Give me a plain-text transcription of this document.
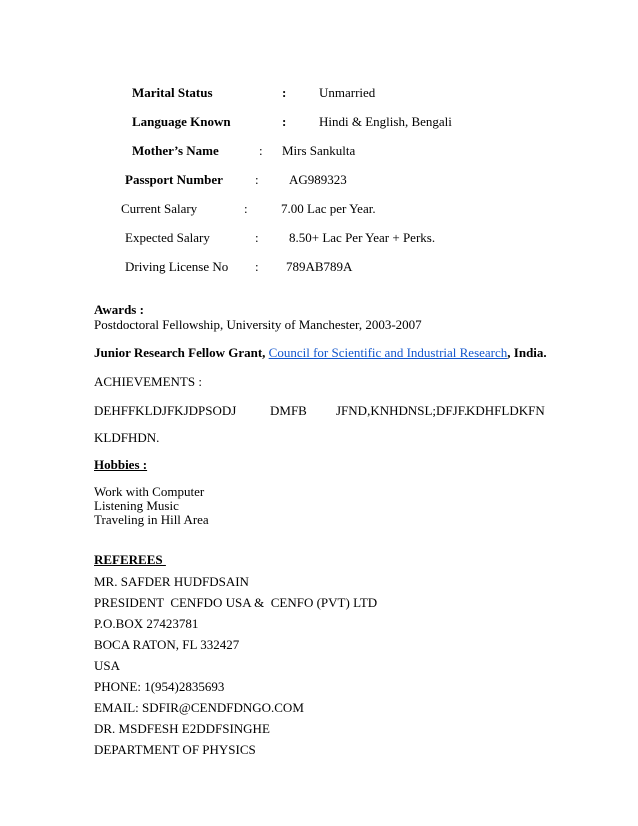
Marital Status	:	Unmarried
Language Known	:	Hindi & English, Bengali
Mother’s Name	: Mirs Sankulta
Passport Number : AG989323
Current Salary	:	7.00 Lac per Year.
Expected Salary	: 8.50+ Lac Per Year + Perks.
Driving License No : 789AB789A
Awards :
Postdoctoral Fellowship, University of Manchester, 2003-2007
Junior Research Fellow Grant, Council for Scientific and Industrial Research, India.
ACHIEVEMENTS :
DEHFFKLDJFKJDPSODJ	DMFB JFND,KNHDNSL;DFJF.
KDHFLDKFN
KLDFHDN.
Hobbies :
Work with Computer
Listening Music
Traveling in Hill Area
REFEREES
MR. SAFDER HUDFDSAIN
PRESIDENT  CENFDO USA &  CENFO (PVT) LTD
P.O.BOX 27423781
BOCA RATON, FL 332427
USA
PHONE: 1(954)2835693
EMAIL: SDFIR@CENDFDNGO.COM
DR. MSDFESH E2DDFSINGHE
DEPARTMENT OF PHYSICS
